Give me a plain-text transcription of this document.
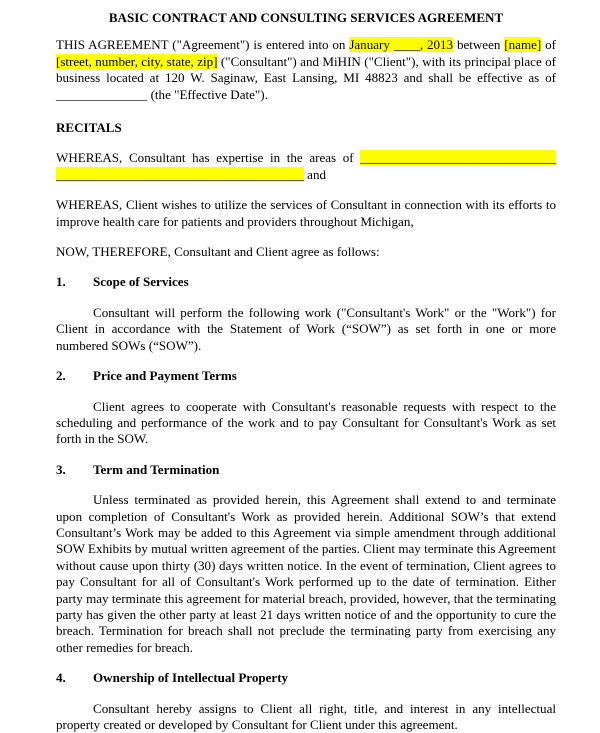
BASIC CONTRACT AND CONSULTING SERVICES AGREEMENT

THIS AGREEMENT ("Agreement") is entered into on January ____, 2013 between [name] of [street, number, city, state, zip] ("Consultant") and MiHIN ("Client"), with its principal place of business located at 120 W. Saginaw, East Lansing, MI 48823 and shall be effective as of ______________ (the "Effective Date").

RECITALS

WHEREAS, Consultant has expertise in the areas of ______________________________

______________________________________ and

WHEREAS, Client wishes to utilize the services of Consultant in connection with its efforts to improve health care for patients and providers throughout Michigan,

NOW, THEREFORE, Consultant and Client agree as follows:

1.	Scope of Services

Consultant will perform the following work ("Consultant's Work" or the "Work") for Client in accordance with the Statement of Work (“SOW”) as set forth in one or more numbered SOWs (“SOW”).

2.	Price and Payment Terms

Client agrees to cooperate with Consultant's reasonable requests with respect to the scheduling and performance of the work and to pay Consultant for Consultant's Work as set forth in the SOW.

3.	Term and Termination

Unless terminated as provided herein, this Agreement shall extend to and terminate upon completion of Consultant's Work as provided herein. Additional SOW’s that extend Consultant’s Work may be added to this Agreement via simple amendment through additional SOW Exhibits by mutual written agreement of the parties. Client may terminate this Agreement without cause upon thirty (30) days written notice. In the event of termination, Client agrees to pay Consultant for all of Consultant's Work performed up to the date of termination. Either party may terminate this agreement for material breach, provided, however, that the terminating party has given the other party at least 21 days written notice of and the opportunity to cure the breach. Termination for breach shall not preclude the terminating party from exercising any other remedies for breach.

4.	Ownership of Intellectual Property

Consultant hereby assigns to Client all right, title, and interest in any intellectual property created or developed by Consultant for Client under this agreement.
